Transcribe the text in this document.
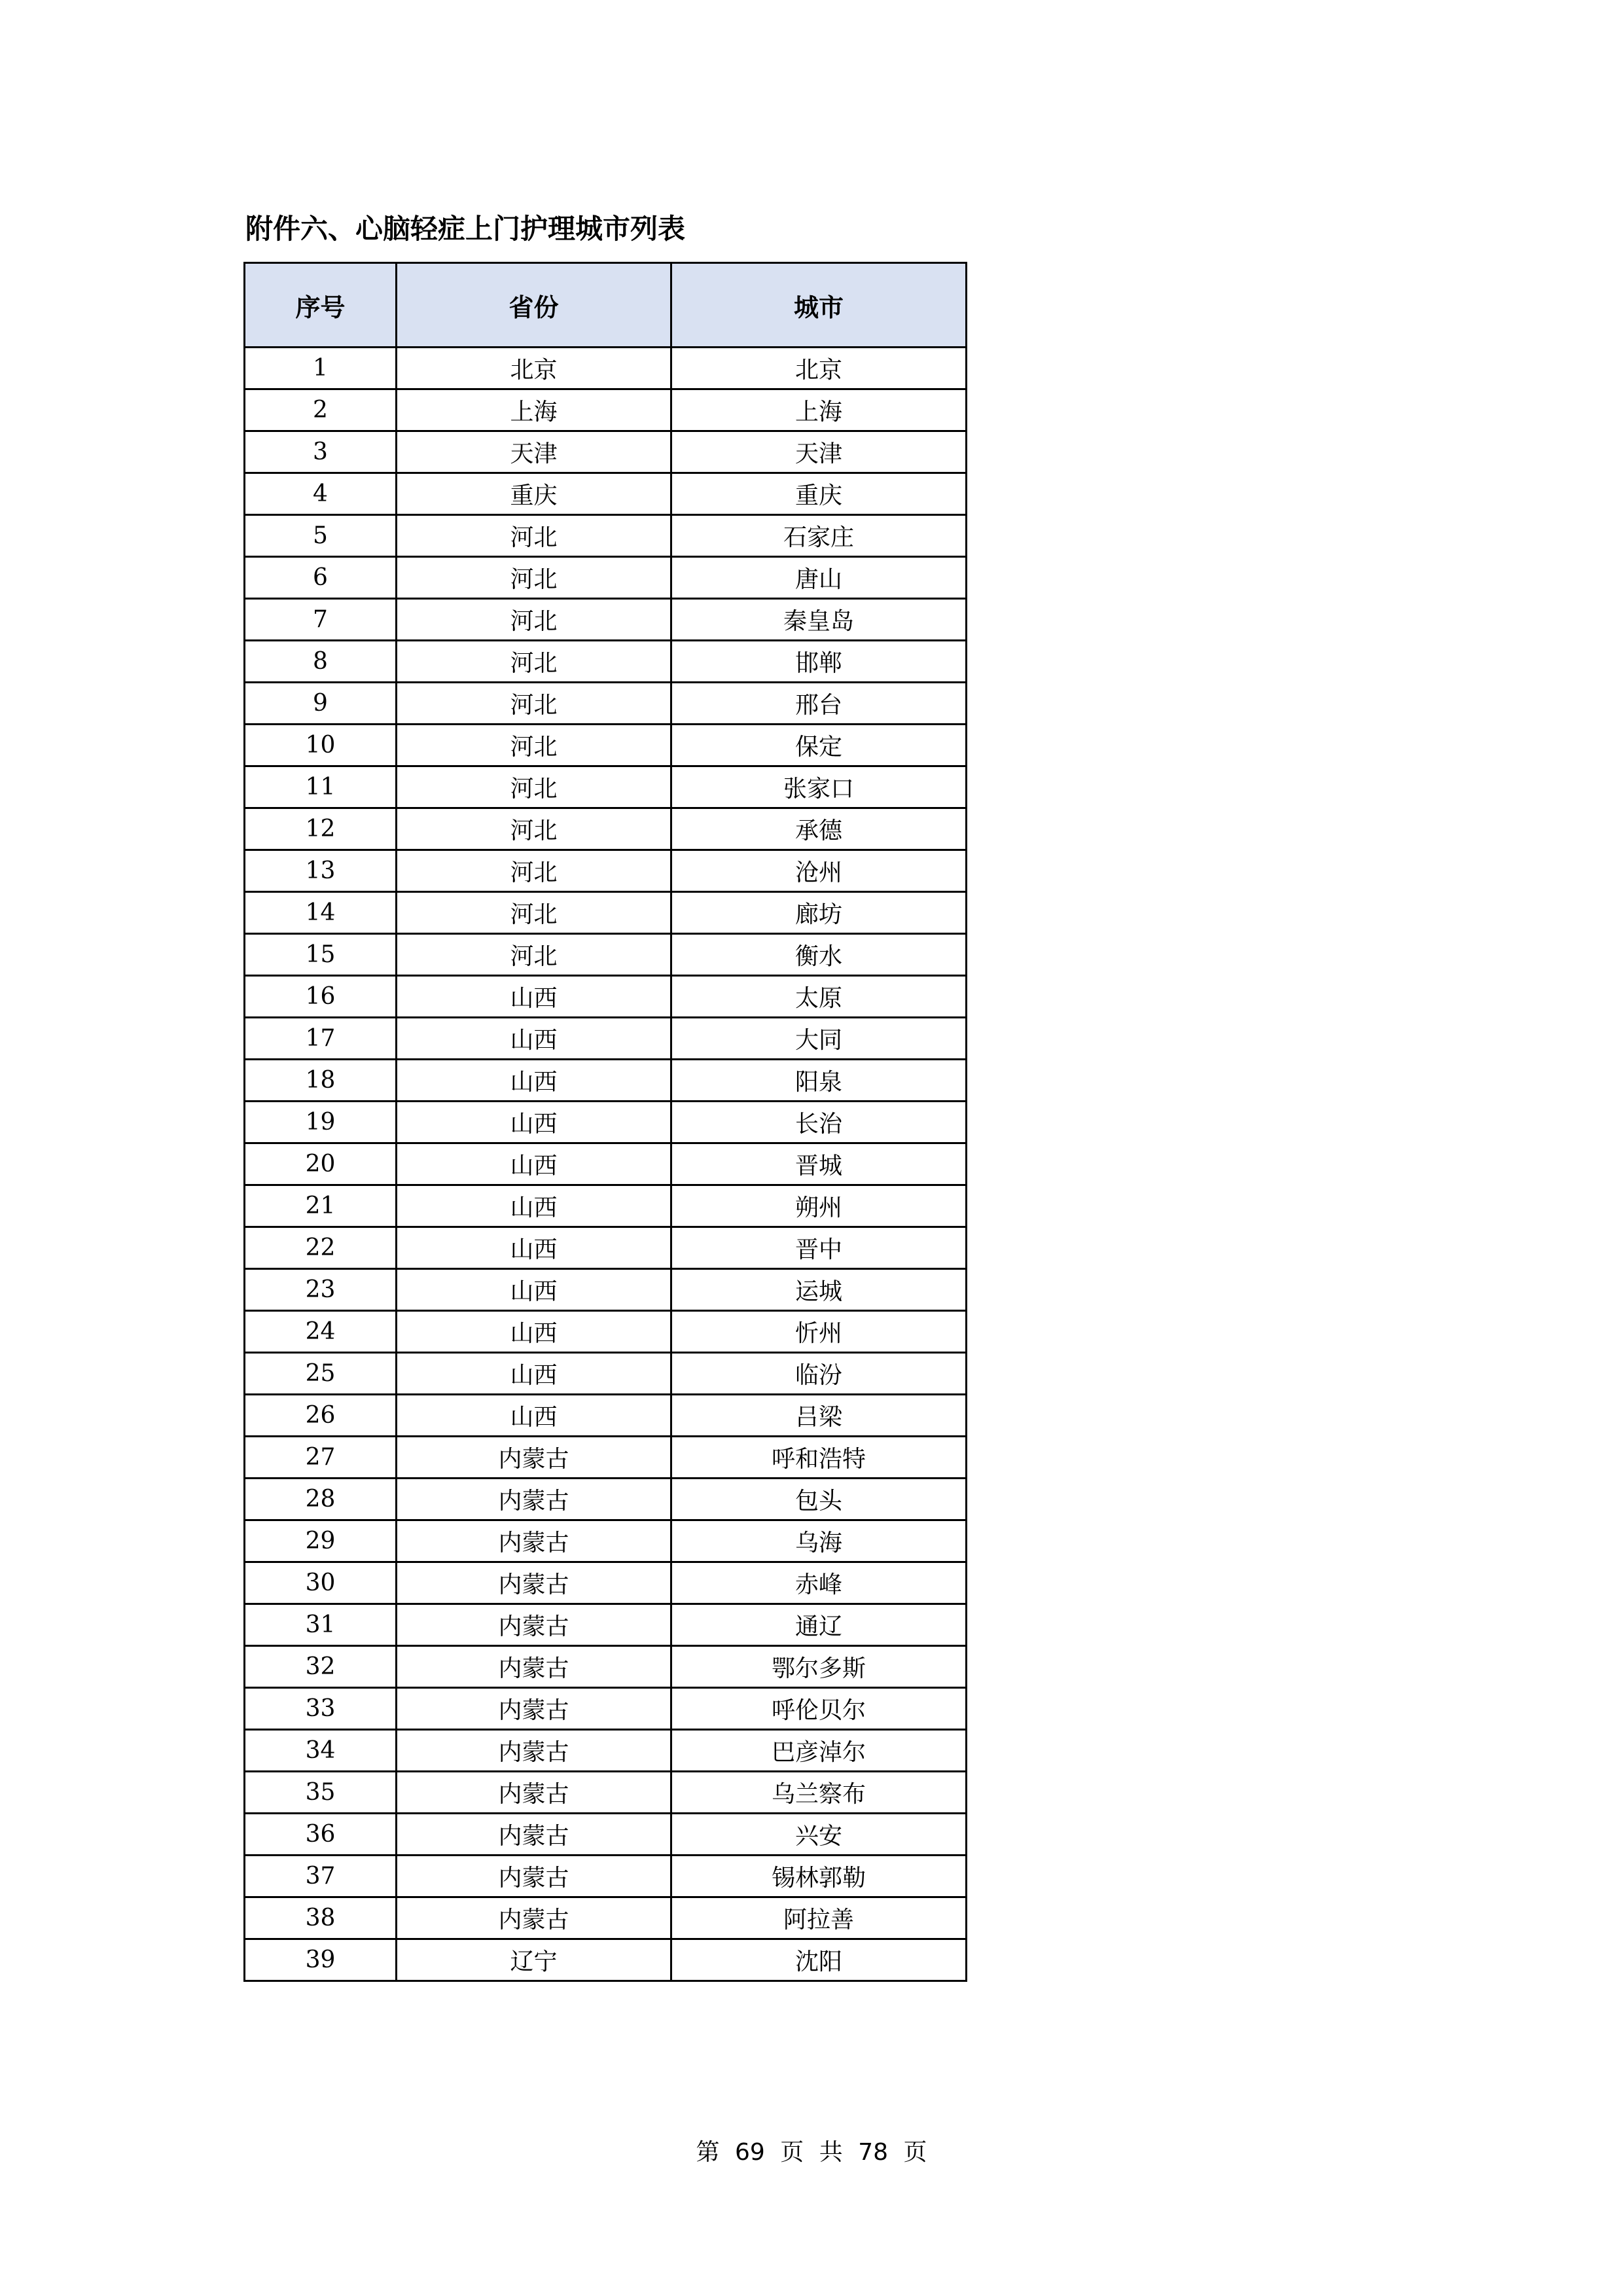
附件六、心脑轻症上门护理城市列表
序号	省份	城市
1	北京	北京
2	上海	上海
3	天津	天津
4	重庆	重庆
5	河北	石家庄
6	河北	唐山
7	河北	秦皇岛
8	河北	邯郸
9	河北	邢台
10	河北	保定
11	河北	张家口
12	河北	承德
13	河北	沧州
14	河北	廊坊
15	河北	衡水
16	山西	太原
17	山西	大同
18	山西	阳泉
19	山西	长治
20	山西	晋城
21	山西	朔州
22	山西	晋中
23	山西	运城
24	山西	忻州
25	山西	临汾
26	山西	吕梁
27	内蒙古	呼和浩特
28	内蒙古	包头
29	内蒙古	乌海
30	内蒙古	赤峰
31	内蒙古	通辽
32	内蒙古	鄂尔多斯
33	内蒙古	呼伦贝尔
34	内蒙古	巴彦淖尔
35	内蒙古	乌兰察布
36	内蒙古	兴安
37	内蒙古	锡林郭勒
38	内蒙古	阿拉善
39	辽宁	沈阳
第 69 页 共 78 页
